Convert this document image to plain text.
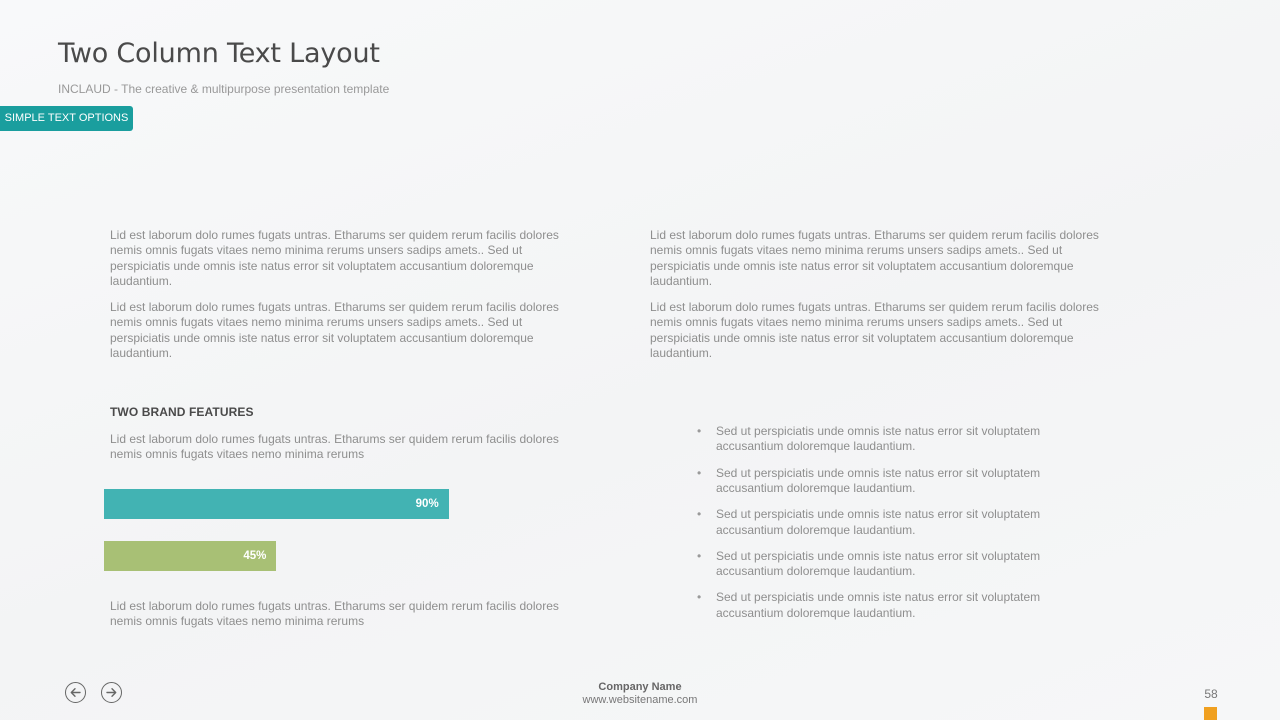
Two Column Text Layout
INCLAUD - The creative & multipurpose presentation template
SIMPLE TEXT OPTIONS

Lid est laborum dolo rumes fugats untras. Etharums ser quidem rerum facilis dolores nemis omnis fugats vitaes nemo minima rerums unsers sadips amets.. Sed ut perspiciatis unde omnis iste natus error sit voluptatem accusantium doloremque laudantium.

Lid est laborum dolo rumes fugats untras. Etharums ser quidem rerum facilis dolores nemis omnis fugats vitaes nemo minima rerums unsers sadips amets.. Sed ut perspiciatis unde omnis iste natus error sit voluptatem accusantium doloremque laudantium.

Lid est laborum dolo rumes fugats untras. Etharums ser quidem rerum facilis dolores nemis omnis fugats vitaes nemo minima rerums unsers sadips amets.. Sed ut perspiciatis unde omnis iste natus error sit voluptatem accusantium doloremque laudantium.

Lid est laborum dolo rumes fugats untras. Etharums ser quidem rerum facilis dolores nemis omnis fugats vitaes nemo minima rerums unsers sadips amets.. Sed ut perspiciatis unde omnis iste natus error sit voluptatem accusantium doloremque laudantium.

TWO BRAND FEATURES

Lid est laborum dolo rumes fugats untras. Etharums ser quidem rerum facilis dolores nemis omnis fugats vitaes nemo minima rerums

90%
45%

Lid est laborum dolo rumes fugats untras. Etharums ser quidem rerum facilis dolores nemis omnis fugats vitaes nemo minima rerums

• Sed ut perspiciatis unde omnis iste natus error sit voluptatem accusantium doloremque laudantium.
• Sed ut perspiciatis unde omnis iste natus error sit voluptatem accusantium doloremque laudantium.
• Sed ut perspiciatis unde omnis iste natus error sit voluptatem accusantium doloremque laudantium.
• Sed ut perspiciatis unde omnis iste natus error sit voluptatem accusantium doloremque laudantium.
• Sed ut perspiciatis unde omnis iste natus error sit voluptatem accusantium doloremque laudantium.
Company Name
www.websitename.com	58
